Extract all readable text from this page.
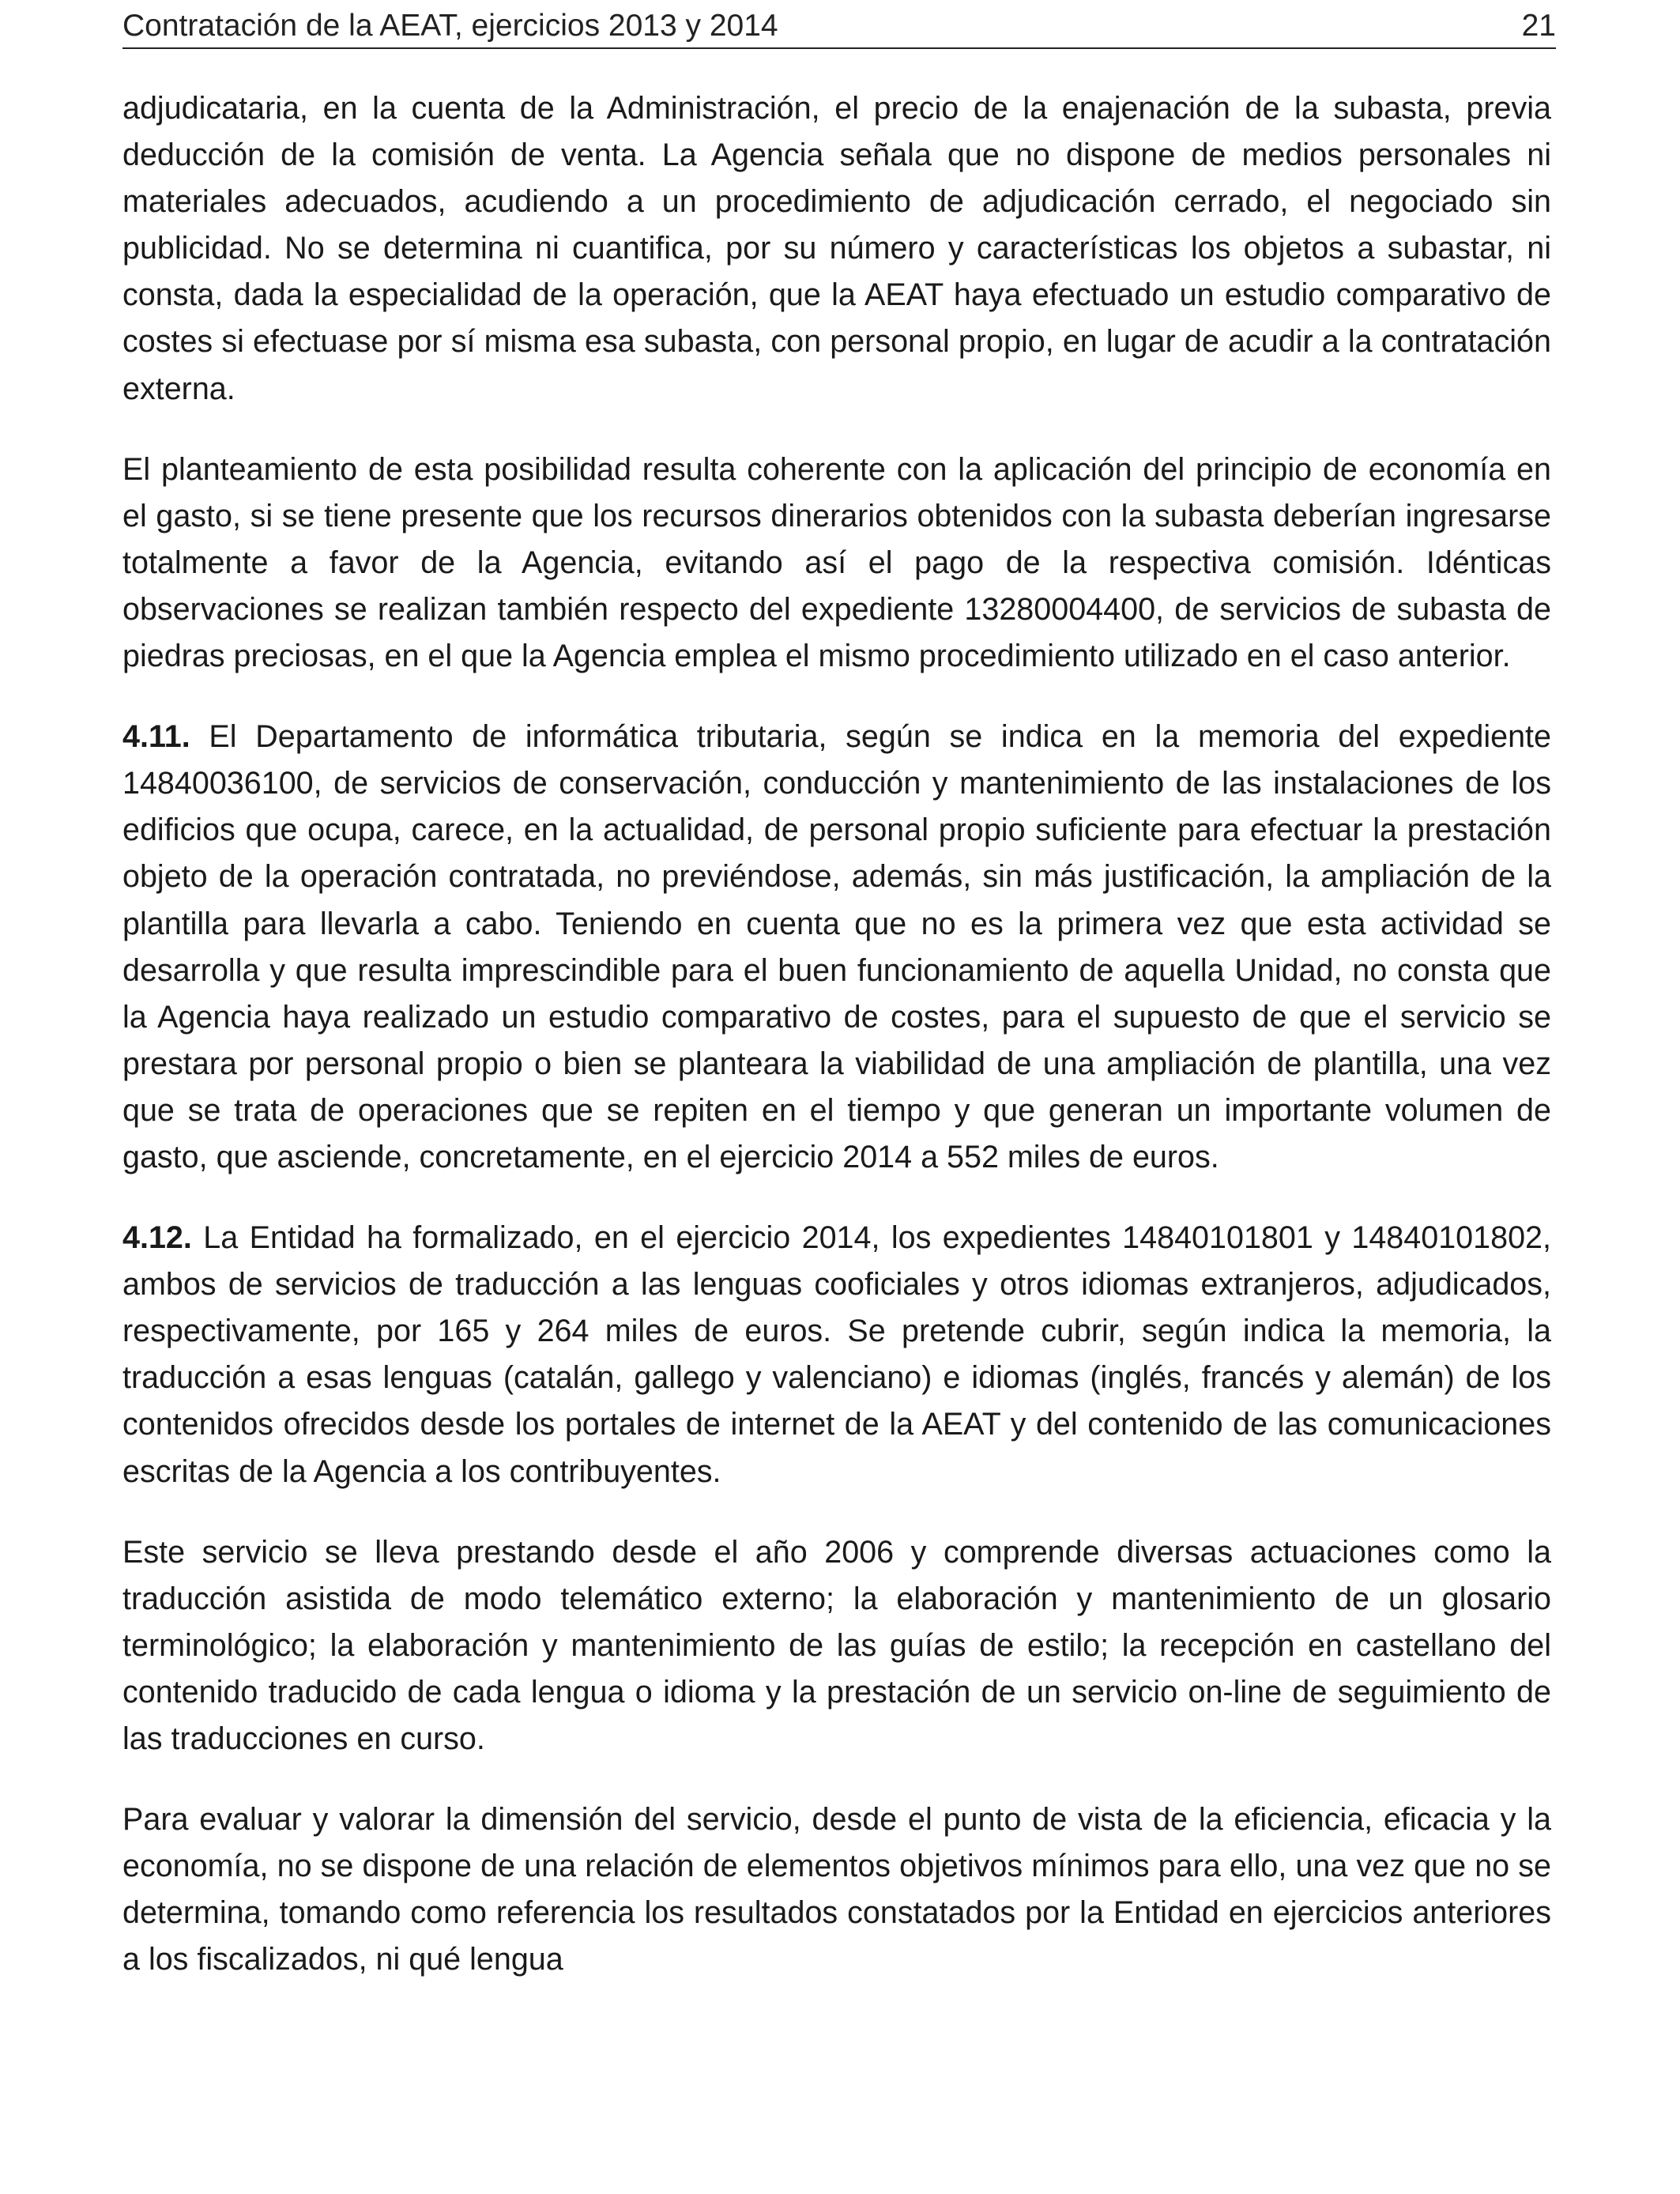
Contratación de la AEAT, ejercicios 2013 y 2014	21

adjudicataria, en la cuenta de la Administración, el precio de la enajenación de la subasta, previa deducción de la comisión de venta. La Agencia señala que no dispone de medios personales ni materiales adecuados, acudiendo a un procedimiento de adjudicación cerrado, el negociado sin publicidad. No se determina ni cuantifica, por su número y características los objetos a subastar, ni consta, dada la especialidad de la operación, que la AEAT haya efectuado un estudio comparativo de costes si efectuase por sí misma esa subasta, con personal propio, en lugar de acudir a la contratación externa.

El planteamiento de esta posibilidad resulta coherente con la aplicación del principio de economía en el gasto, si se tiene presente que los recursos dinerarios obtenidos con la subasta deberían ingresarse totalmente a favor de la Agencia, evitando así el pago de la respectiva comisión. Idénticas observaciones se realizan también respecto del expediente 13280004400, de servicios de subasta de piedras preciosas, en el que la Agencia emplea el mismo procedimiento utilizado en el caso anterior.

4.11. El Departamento de informática tributaria, según se indica en la memoria del expediente 14840036100, de servicios de conservación, conducción y mantenimiento de las instalaciones de los edificios que ocupa, carece, en la actualidad, de personal propio suficiente para efectuar la prestación objeto de la operación contratada, no previéndose, además, sin más justificación, la ampliación de la plantilla para llevarla a cabo. Teniendo en cuenta que no es la primera vez que esta actividad se desarrolla y que resulta imprescindible para el buen funcionamiento de aquella Unidad, no consta que la Agencia haya realizado un estudio comparativo de costes, para el supuesto de que el servicio se prestara por personal propio o bien se planteara la viabilidad de una ampliación de plantilla, una vez que se trata de operaciones que se repiten en el tiempo y que generan un importante volumen de gasto, que asciende, concretamente, en el ejercicio 2014 a 552 miles de euros.

4.12. La Entidad ha formalizado, en el ejercicio 2014, los expedientes 14840101801 y 14840101802, ambos de servicios de traducción a las lenguas cooficiales y otros idiomas extranjeros, adjudicados, respectivamente, por 165 y 264 miles de euros. Se pretende cubrir, según indica la memoria, la traducción a esas lenguas (catalán, gallego y valenciano) e idiomas (inglés, francés y alemán) de los contenidos ofrecidos desde los portales de internet de la AEAT y del contenido de las comunicaciones escritas de la Agencia a los contribuyentes.

Este servicio se lleva prestando desde el año 2006 y comprende diversas actuaciones como la traducción asistida de modo telemático externo; la elaboración y mantenimiento de un glosario terminológico; la elaboración y mantenimiento de las guías de estilo; la recepción en castellano del contenido traducido de cada lengua o idioma y la prestación de un servicio on-line de seguimiento de las traducciones en curso.

Para evaluar y valorar la dimensión del servicio, desde el punto de vista de la eficiencia, eficacia y la economía, no se dispone de una relación de elementos objetivos mínimos para ello, una vez que no se determina, tomando como referencia los resultados constatados por la Entidad en ejercicios anteriores a los fiscalizados, ni qué lengua
